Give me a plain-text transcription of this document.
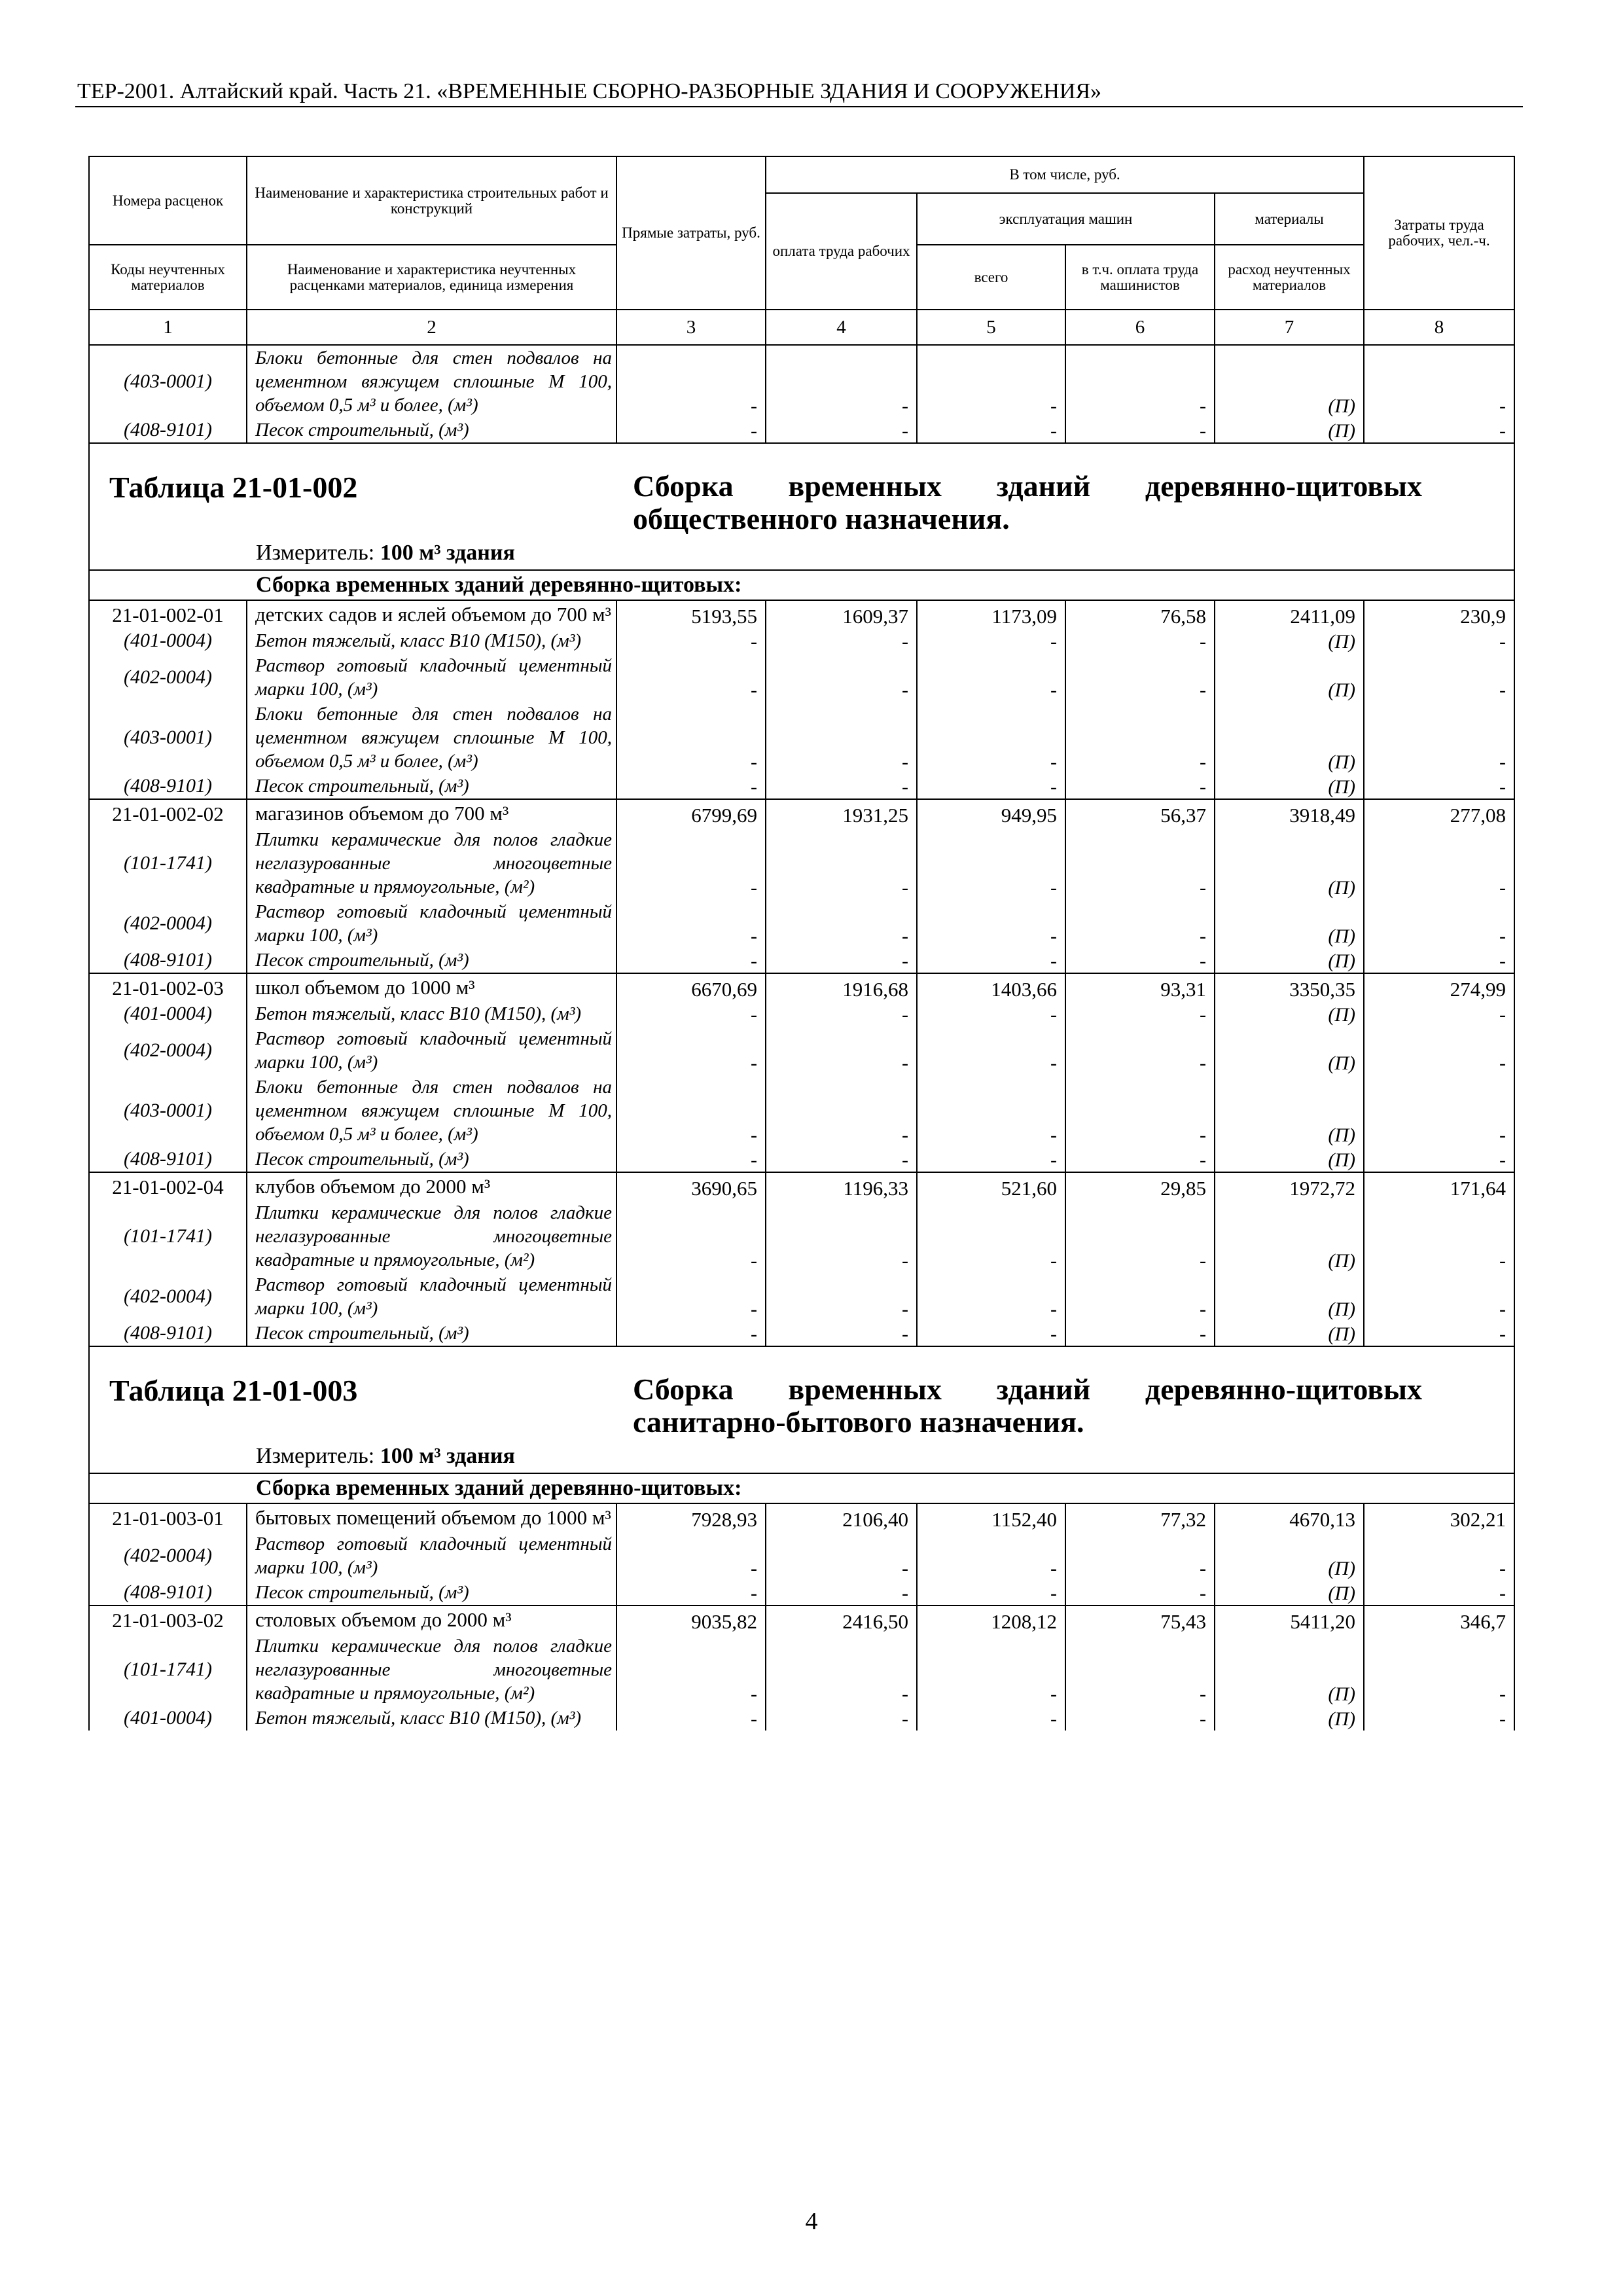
ТЕР-2001. Алтайский край. Часть 21. «ВРЕМЕННЫЕ СБОРНО-РАЗБОРНЫЕ ЗДАНИЯ И СООРУЖЕНИЯ»
Номера расценок	Наименование и характеристика строительных работ и конструкций	Прямые затраты, руб.	В том числе, руб.				Затраты труда рабочих, чел.-ч.
			оплата труда рабочих	эксплуатация машин		материалы	
Коды неучтенных материалов	Наименование и характеристика неучтенных расценками материалов, единица измерения			всего	в т.ч. оплата труда машинистов	расход неучтенных материалов	
1	2	3	4	5	6	7	8
(403-0001)	Блоки бетонные для стен подвалов на цементном вяжущем сплошные М 100, объемом 0,5 м³ и более, (м³)	-	-	-	-	(П)	-
(408-9101)	Песок строительный, (м³)	-	-	-	-	(П)	-

Таблица 21-01-002 Сборка временных зданий деревянно-щитовых общественного назначения.
Измеритель: 100 м³ здания							

Сборка временных зданий деревянно-щитовых:							
21-01-002-01	детских садов и яслей объемом до 700 м³	5193,55	1609,37	1173,09	76,58	2411,09	230,9
(401-0004)	Бетон тяжелый, класс В10 (М150), (м³)	-	-	-	-	(П)	-
(402-0004)	Раствор готовый кладочный цементный марки 100, (м³)	-	-	-	-	(П)	-
(403-0001)	Блоки бетонные для стен подвалов на цементном вяжущем сплошные М 100, объемом 0,5 м³ и более, (м³)	-	-	-	-	(П)	-
(408-9101)	Песок строительный, (м³)	-	-	-	-	(П)	-
21-01-002-02	магазинов объемом до 700 м³	6799,69	1931,25	949,95	56,37	3918,49	277,08
(101-1741)	Плитки керамические для полов гладкие неглазурованные многоцветные квадратные и прямоугольные, (м²)	-	-	-	-	(П)	-
(402-0004)	Раствор готовый кладочный цементный марки 100, (м³)	-	-	-	-	(П)	-
(408-9101)	Песок строительный, (м³)	-	-	-	-	(П)	-
21-01-002-03	школ объемом до 1000 м³	6670,69	1916,68	1403,66	93,31	3350,35	274,99
(401-0004)	Бетон тяжелый, класс В10 (М150), (м³)	-	-	-	-	(П)	-
(402-0004)	Раствор готовый кладочный цементный марки 100, (м³)	-	-	-	-	(П)	-
(403-0001)	Блоки бетонные для стен подвалов на цементном вяжущем сплошные М 100, объемом 0,5 м³ и более, (м³)	-	-	-	-	(П)	-
(408-9101)	Песок строительный, (м³)	-	-	-	-	(П)	-
21-01-002-04	клубов объемом до 2000 м³	3690,65	1196,33	521,60	29,85	1972,72	171,64
(101-1741)	Плитки керамические для полов гладкие неглазурованные многоцветные квадратные и прямоугольные, (м²)	-	-	-	-	(П)	-
(402-0004)	Раствор готовый кладочный цементный марки 100, (м³)	-	-	-	-	(П)	-
(408-9101)	Песок строительный, (м³)	-	-	-	-	(П)	-

Таблица 21-01-003 Сборка временных зданий деревянно-щитовых санитарно-бытового назначения.
Измеритель: 100 м³ здания							

Сборка временных зданий деревянно-щитовых:							
21-01-003-01	бытовых помещений объемом до 1000 м³	7928,93	2106,40	1152,40	77,32	4670,13	302,21
(402-0004)	Раствор готовый кладочный цементный марки 100, (м³)	-	-	-	-	(П)	-
(408-9101)	Песок строительный, (м³)	-	-	-	-	(П)	-
21-01-003-02	столовых объемом до 2000 м³	9035,82	2416,50	1208,12	75,43	5411,20	346,7
(101-1741)	Плитки керамические для полов гладкие неглазурованные многоцветные квадратные и прямоугольные, (м²)	-	-	-	-	(П)	-
(401-0004)	Бетон тяжелый, класс В10 (М150), (м³)	-	-	-	-	(П)	-
4
